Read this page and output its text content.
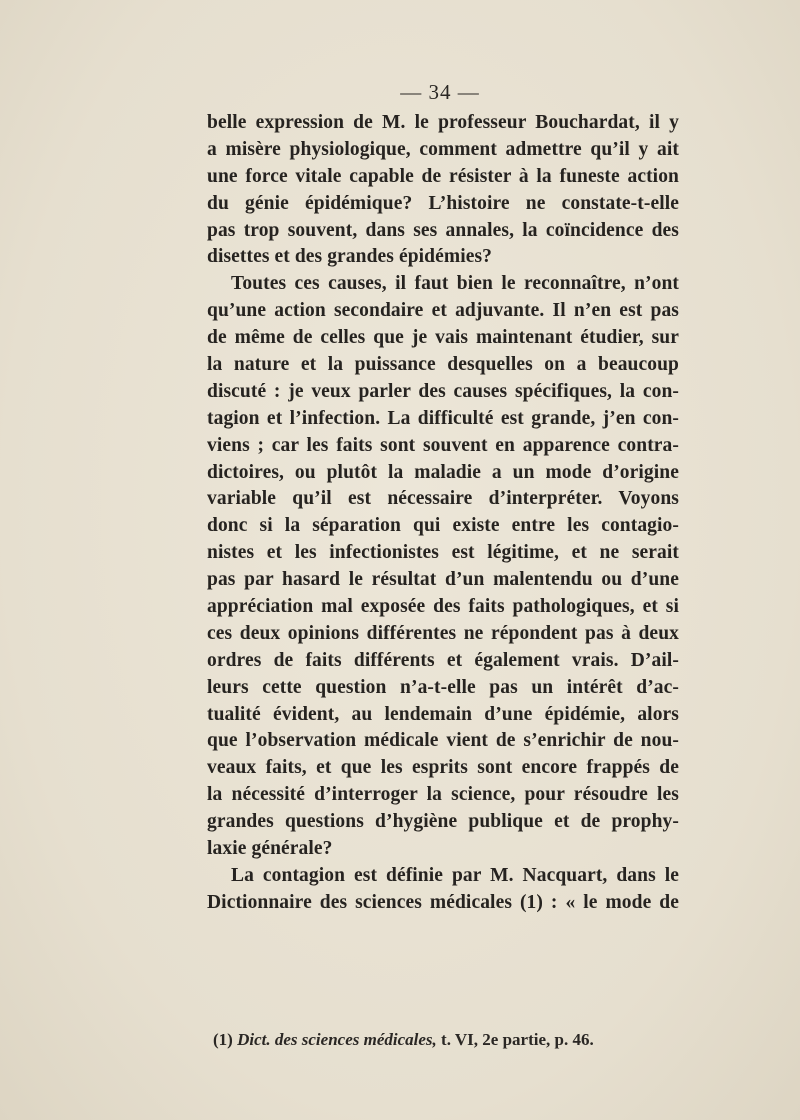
— 34 —
belle expression de M. le professeur Bouchardat, il y
a misère physiologique, comment admettre qu’il y ait
une force vitale capable de résister à la funeste action
du génie épidémique? L’histoire ne constate-t-elle
pas trop souvent, dans ses annales, la coïncidence des
disettes et des grandes épidémies?
Toutes ces causes, il faut bien le reconnaître, n’ont
qu’une action secondaire et adjuvante. Il n’en est pas
de même de celles que je vais maintenant étudier, sur
la nature et la puissance desquelles on a beaucoup
discuté : je veux parler des causes spécifiques, la con-
tagion et l’infection. La difficulté est grande, j’en con-
viens ; car les faits sont souvent en apparence contra-
dictoires, ou plutôt la maladie a un mode d’origine
variable qu’il est nécessaire d’interpréter. Voyons
donc si la séparation qui existe entre les contagio-
nistes et les infectionistes est légitime, et ne serait
pas par hasard le résultat d’un malentendu ou d’une
appréciation mal exposée des faits pathologiques, et si
ces deux opinions différentes ne répondent pas à deux
ordres de faits différents et également vrais. D’ail-
leurs cette question n’a-t-elle pas un intérêt d’ac-
tualité évident, au lendemain d’une épidémie, alors
que l’observation médicale vient de s’enrichir de nou-
veaux faits, et que les esprits sont encore frappés de
la nécessité d’interroger la science, pour résoudre les
grandes questions d’hygiène publique et de prophy-
laxie générale?
La contagion est définie par M. Nacquart, dans le
Dictionnaire des sciences médicales (1) : « le mode de
(1) Dict. des sciences médicales, t. VI, 2e partie, p. 46.
